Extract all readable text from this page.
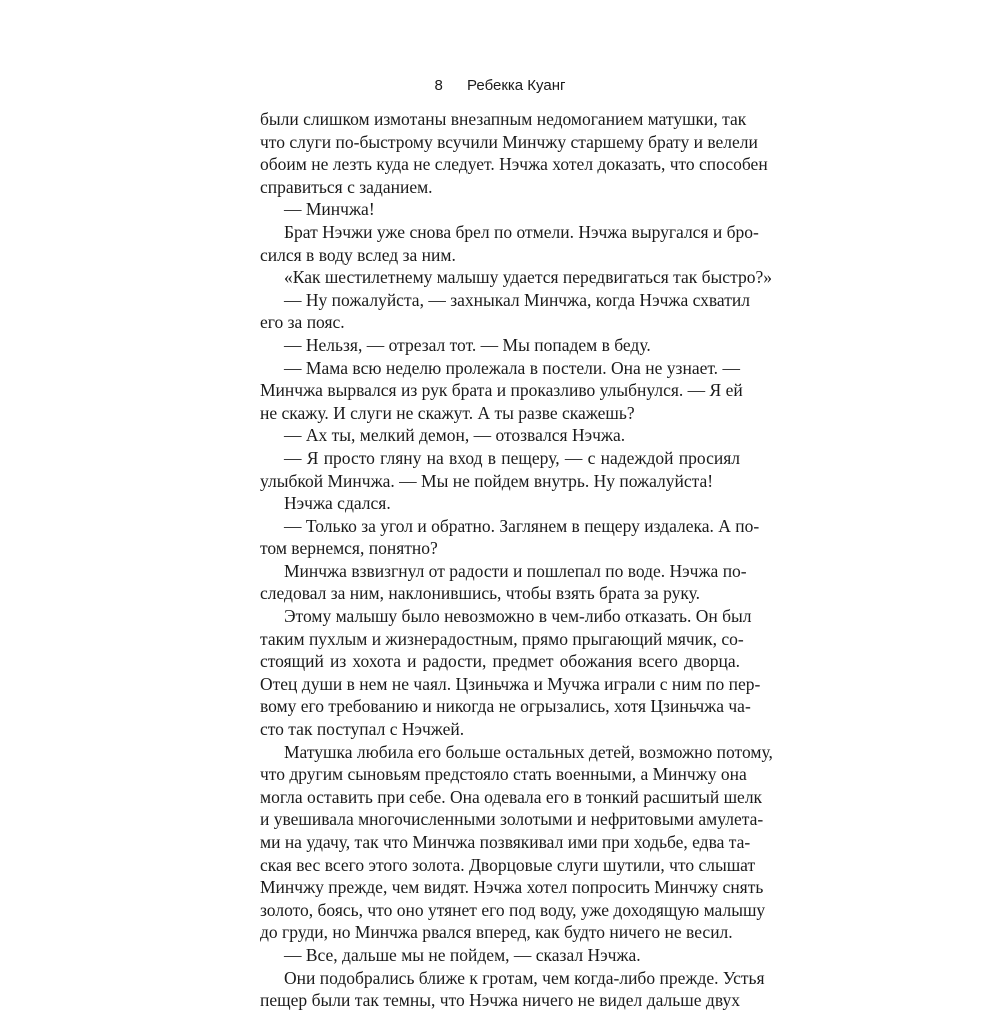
8 Ребекка Куанг
были слишком измотаны внезапным недомоганием матушки, так
что слуги по-быстрому всучили Минчжу старшему брату и велели
обоим не лезть куда не следует. Нэчжа хотел доказать, что способен
справиться с заданием.
— Минчжа!
Брат Нэчжи уже снова брел по отмели. Нэчжа выругался и бро-
сился в воду вслед за ним.
«Как шестилетнему малышу удается передвигаться так быстро?»
— Ну пожалуйста, — захныкал Минчжа, когда Нэчжа схватил
его за пояс.
— Нельзя, — отрезал тот. — Мы попадем в беду.
— Мама всю неделю пролежала в постели. Она не узнает. —
Минчжа вырвался из рук брата и проказливо улыбнулся. — Я ей
не скажу. И слуги не скажут. А ты разве скажешь?
— Ах ты, мелкий демон, — отозвался Нэчжа.
— Я просто гляну на вход в пещеру, — с надеждой просиял
улыбкой Минчжа. — Мы не пойдем внутрь. Ну пожалуйста!
Нэчжа сдался.
— Только за угол и обратно. Заглянем в пещеру издалека. А по-
том вернемся, понятно?
Минчжа взвизгнул от радости и пошлепал по воде. Нэчжа по-
следовал за ним, наклонившись, чтобы взять брата за руку.
Этому малышу было невозможно в чем-либо отказать. Он был
таким пухлым и жизнерадостным, прямо прыгающий мячик, со-
стоящий из хохота и радости, предмет обожания всего дворца.
Отец души в нем не чаял. Цзиньчжа и Мучжа играли с ним по пер-
вому его требованию и никогда не огрызались, хотя Цзиньчжа ча-
сто так поступал с Нэчжей.
Матушка любила его больше остальных детей, возможно потому,
что другим сыновьям предстояло стать военными, а Минчжу она
могла оставить при себе. Она одевала его в тонкий расшитый шелк
и увешивала многочисленными золотыми и нефритовыми амулета-
ми на удачу, так что Минчжа позвякивал ими при ходьбе, едва та-
ская вес всего этого золота. Дворцовые слуги шутили, что слышат
Минчжу прежде, чем видят. Нэчжа хотел попросить Минчжу снять
золото, боясь, что оно утянет его под воду, уже доходящую малышу
до груди, но Минчжа рвался вперед, как будто ничего не весил.
— Все, дальше мы не пойдем, — сказал Нэчжа.
Они подобрались ближе к гротам, чем когда-либо прежде. Устья
пещер были так темны, что Нэчжа ничего не видел дальше двух
